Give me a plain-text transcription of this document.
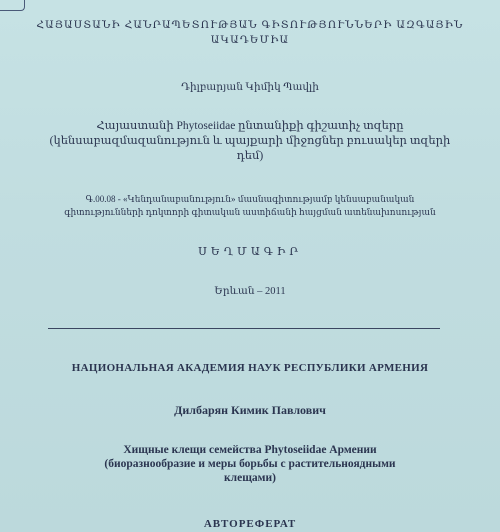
ՀԱՅԱՍՏԱՆԻ ՀԱՆՐԱՊԵՏՈՒԹՅԱՆ ԳԻՏՈՒԹՅՈՒՆՆԵՐԻ ԱԶԳԱՅԻՆ
ԱԿԱԴԵՄԻԱ
Դիլբարյան Կիմիկ Պավլի
Հայաստանի Phytoseiidae ընտանիքի գիշատիչ տզերը
(կենսաբազմազանություն և պայքարի միջոցներ բուսակեր տզերի
դեմ)
Գ.00.08 - «Կենդանաբանություն» մասնագիտությամբ կենսաբանական
գիտությունների դոկտորի գիտական աստիճանի հայցման ատենախոսության
ՍԵՂՄԱԳԻՐ
Երևան – 2011
НАЦИОНАЛЬНАЯ АКАДЕМИЯ НАУК РЕСПУБЛИКИ АРМЕНИЯ
Дилбарян Кимик Павлович
Хищные клещи семейства Phytoseiidae Армении
(биоразнообразие и меры борьбы с растительноядными
клещами)
АВТОРЕФЕРАТ
